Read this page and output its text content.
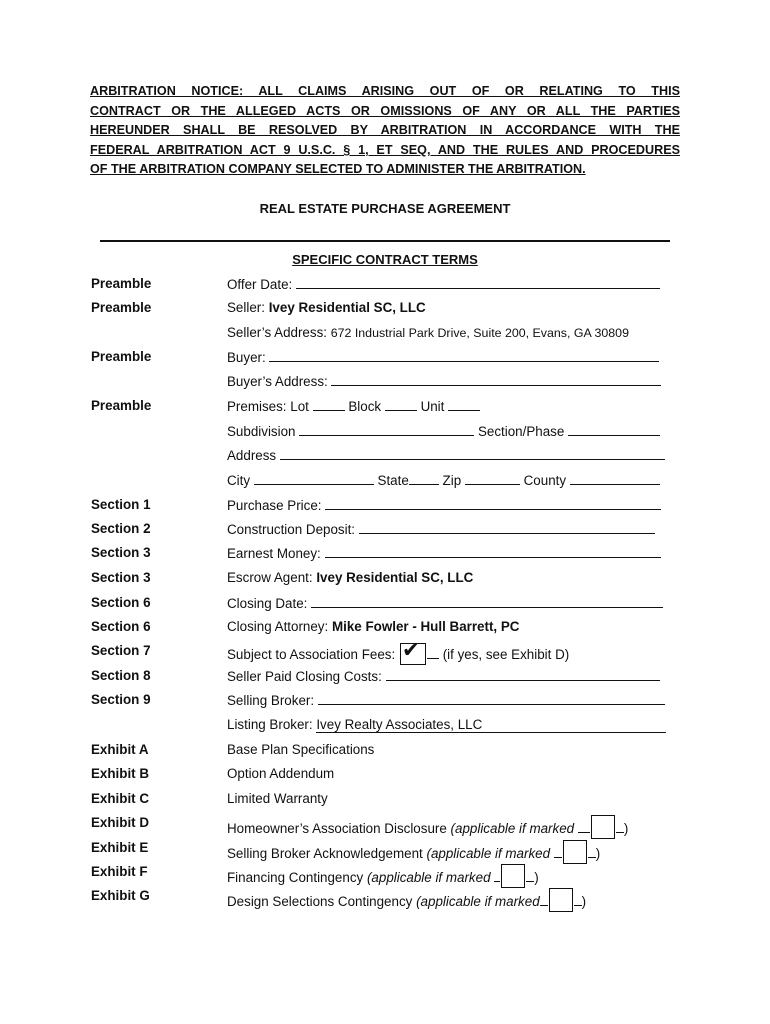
ARBITRATION NOTICE: ALL CLAIMS ARISING OUT OF OR RELATING TO THIS
CONTRACT OR THE ALLEGED ACTS OR OMISSIONS OF ANY OR ALL THE PARTIES
HEREUNDER SHALL BE RESOLVED BY ARBITRATION IN ACCORDANCE WITH THE
FEDERAL ARBITRATION ACT 9 U.S.C. § 1, ET SEQ, AND THE RULES AND PROCEDURES
OF THE ARBITRATION COMPANY SELECTED TO ADMINISTER THE ARBITRATION.
REAL ESTATE PURCHASE AGREEMENT
SPECIFIC CONTRACT TERMS
Preamble	Offer Date:
Preamble	Seller: Ivey Residential SC, LLC
Seller’s Address: 672 Industrial Park Drive, Suite 200, Evans, GA 30809
Preamble	Buyer:
Buyer’s Address:
Preamble	Premises: Lot	Block	Unit
Subdivision	Section/Phase
Address
City	State	Zip	County
Section 1	Purchase Price:
Section 2	Construction Deposit:
Section 3	Earnest Money:
Section 3	Escrow Agent: Ivey Residential SC, LLC
Section 6	Closing Date:
Section 6	Closing Attorney: Mike Fowler - Hull Barrett, PC
Section 7	Subject to Association Fees: ✔ (if yes, see Exhibit D)
Section 8	Seller Paid Closing Costs:
Section 9	Selling Broker:
Listing Broker: Ivey Realty Associates, LLC
Exhibit A	Base Plan Specifications
Exhibit B	Option Addendum
Exhibit C	Limited Warranty
Exhibit D	Homeowner’s Association Disclosure (applicable if marked	)
Exhibit E	Selling Broker Acknowledgement (applicable if marked	)
Exhibit F	Financing Contingency (applicable if marked	)
Exhibit G	Design Selections Contingency (applicable if marked	)
